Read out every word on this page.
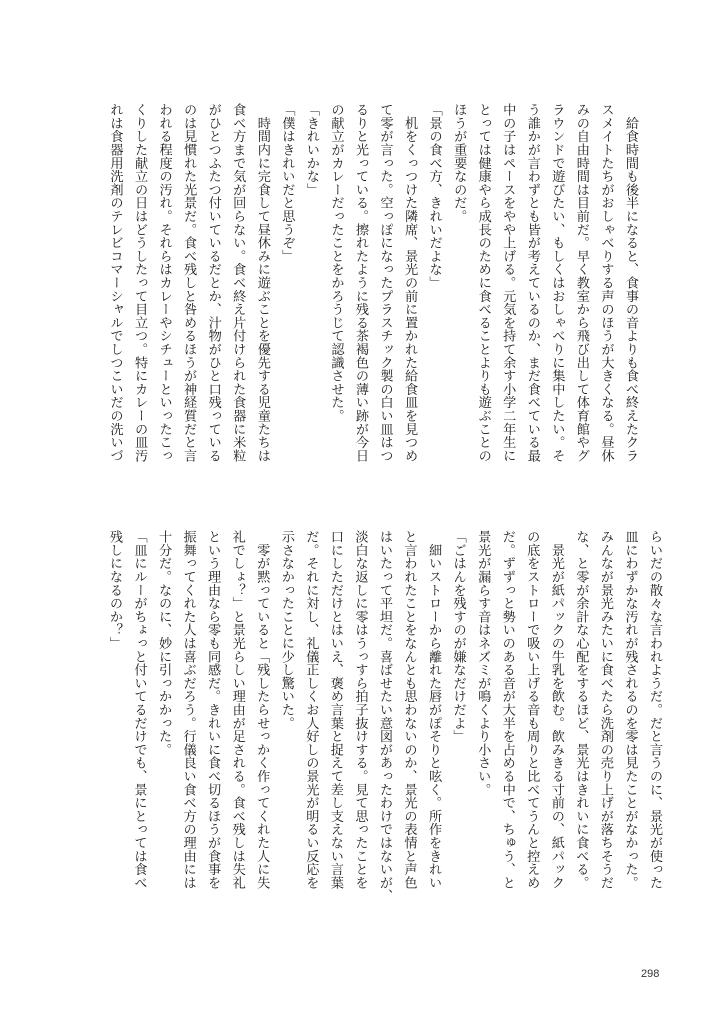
　給食時間も後半になると、食事の音よりも食べ終えたクラ
スメイトたちがおしゃべりする声のほうが大きくなる。昼休
みの自由時間は目前だ。早く教室から飛び出して体育館やグ
ラウンドで遊びたい、もしくはおしゃべりに集中したい。そ
う誰かが言わずとも皆が考えているのか、まだ食べている最
中の子はペースをやや上げる。元気を持て余す小学二年生に
とっては健康やら成長のために食べることよりも遊ぶことの
ほうが重要なのだ。
「景の食べ方、きれいだよな」
　机をくっつけた隣席、景光の前に置かれた給食皿を見つめ
て零が言った。空っぽになったプラスチック製の白い皿はつ
るりと光っている。擦れたように残る茶褐色の薄い跡が今日
の献立がカレーだったことをかろうじて認識させた。
「きれいかな」
「僕はきれいだと思うぞ」
　時間内に完食して昼休みに遊ぶことを優先する児童たちは
食べ方まで気が回らない。食べ終え片付けられた食器に米粒
がひとつふたつ付いているだとか、汁物がひと口残っている
のは見慣れた光景だ。食べ残しと咎めるほうが神経質だと言
われる程度の汚れ。それらはカレーやシチューといったこっ
くりした献立の日はどうしたって目立つ。特にカレーの皿汚
れは食器用洗剤のテレビコマーシャルでしつこいだの洗いづ
らいだの散々な言われようだ。だと言うのに、景光が使った
皿にわずかな汚れが残されるのを零は見たことがなかった。
みんなが景光みたいに食べたら洗剤の売り上げが落ちそうだ
な、と零が余計な心配をするほど、景光はきれいに食べる。
　景光が紙パックの牛乳を飲む。飲みきる寸前の、紙パック
の底をストローで吸い上げる音も周りと比べてうんと控えめ
だ。ずずっと勢いのある音が大半を占める中で、ちゅう、と
景光が漏らす音はネズミが鳴くより小さい。
「ごはんを残すのが嫌なだけだよ」
　細いストローから離れた唇がぽそりと呟く。所作をきれい
と言われたことをなんとも思わないのか、景光の表情と声色
はいたって平坦だ。喜ばせたい意図があったわけではないが、
淡白な返しに零はうっすら拍子抜けする。見て思ったことを
口にしただけとはいえ、褒め言葉と捉えて差し支えない言葉
だ。それに対し、礼儀正しくお人好しの景光が明るい反応を
示さなかったことに少し驚いた。
　零が黙っていると「残したらせっかく作ってくれた人に失
礼でしょ？」と景光らしい理由が足される。食べ残しは失礼
という理由なら零も同感だ。きれいに食べ切るほうが食事を
振舞ってくれた人は喜ぶだろう。行儀良い食べ方の理由には
十分だ。なのに、妙に引っかかった。
「皿にルーがちょっと付いてるだけでも、景にとっては食べ
残しになるのか？」
298
